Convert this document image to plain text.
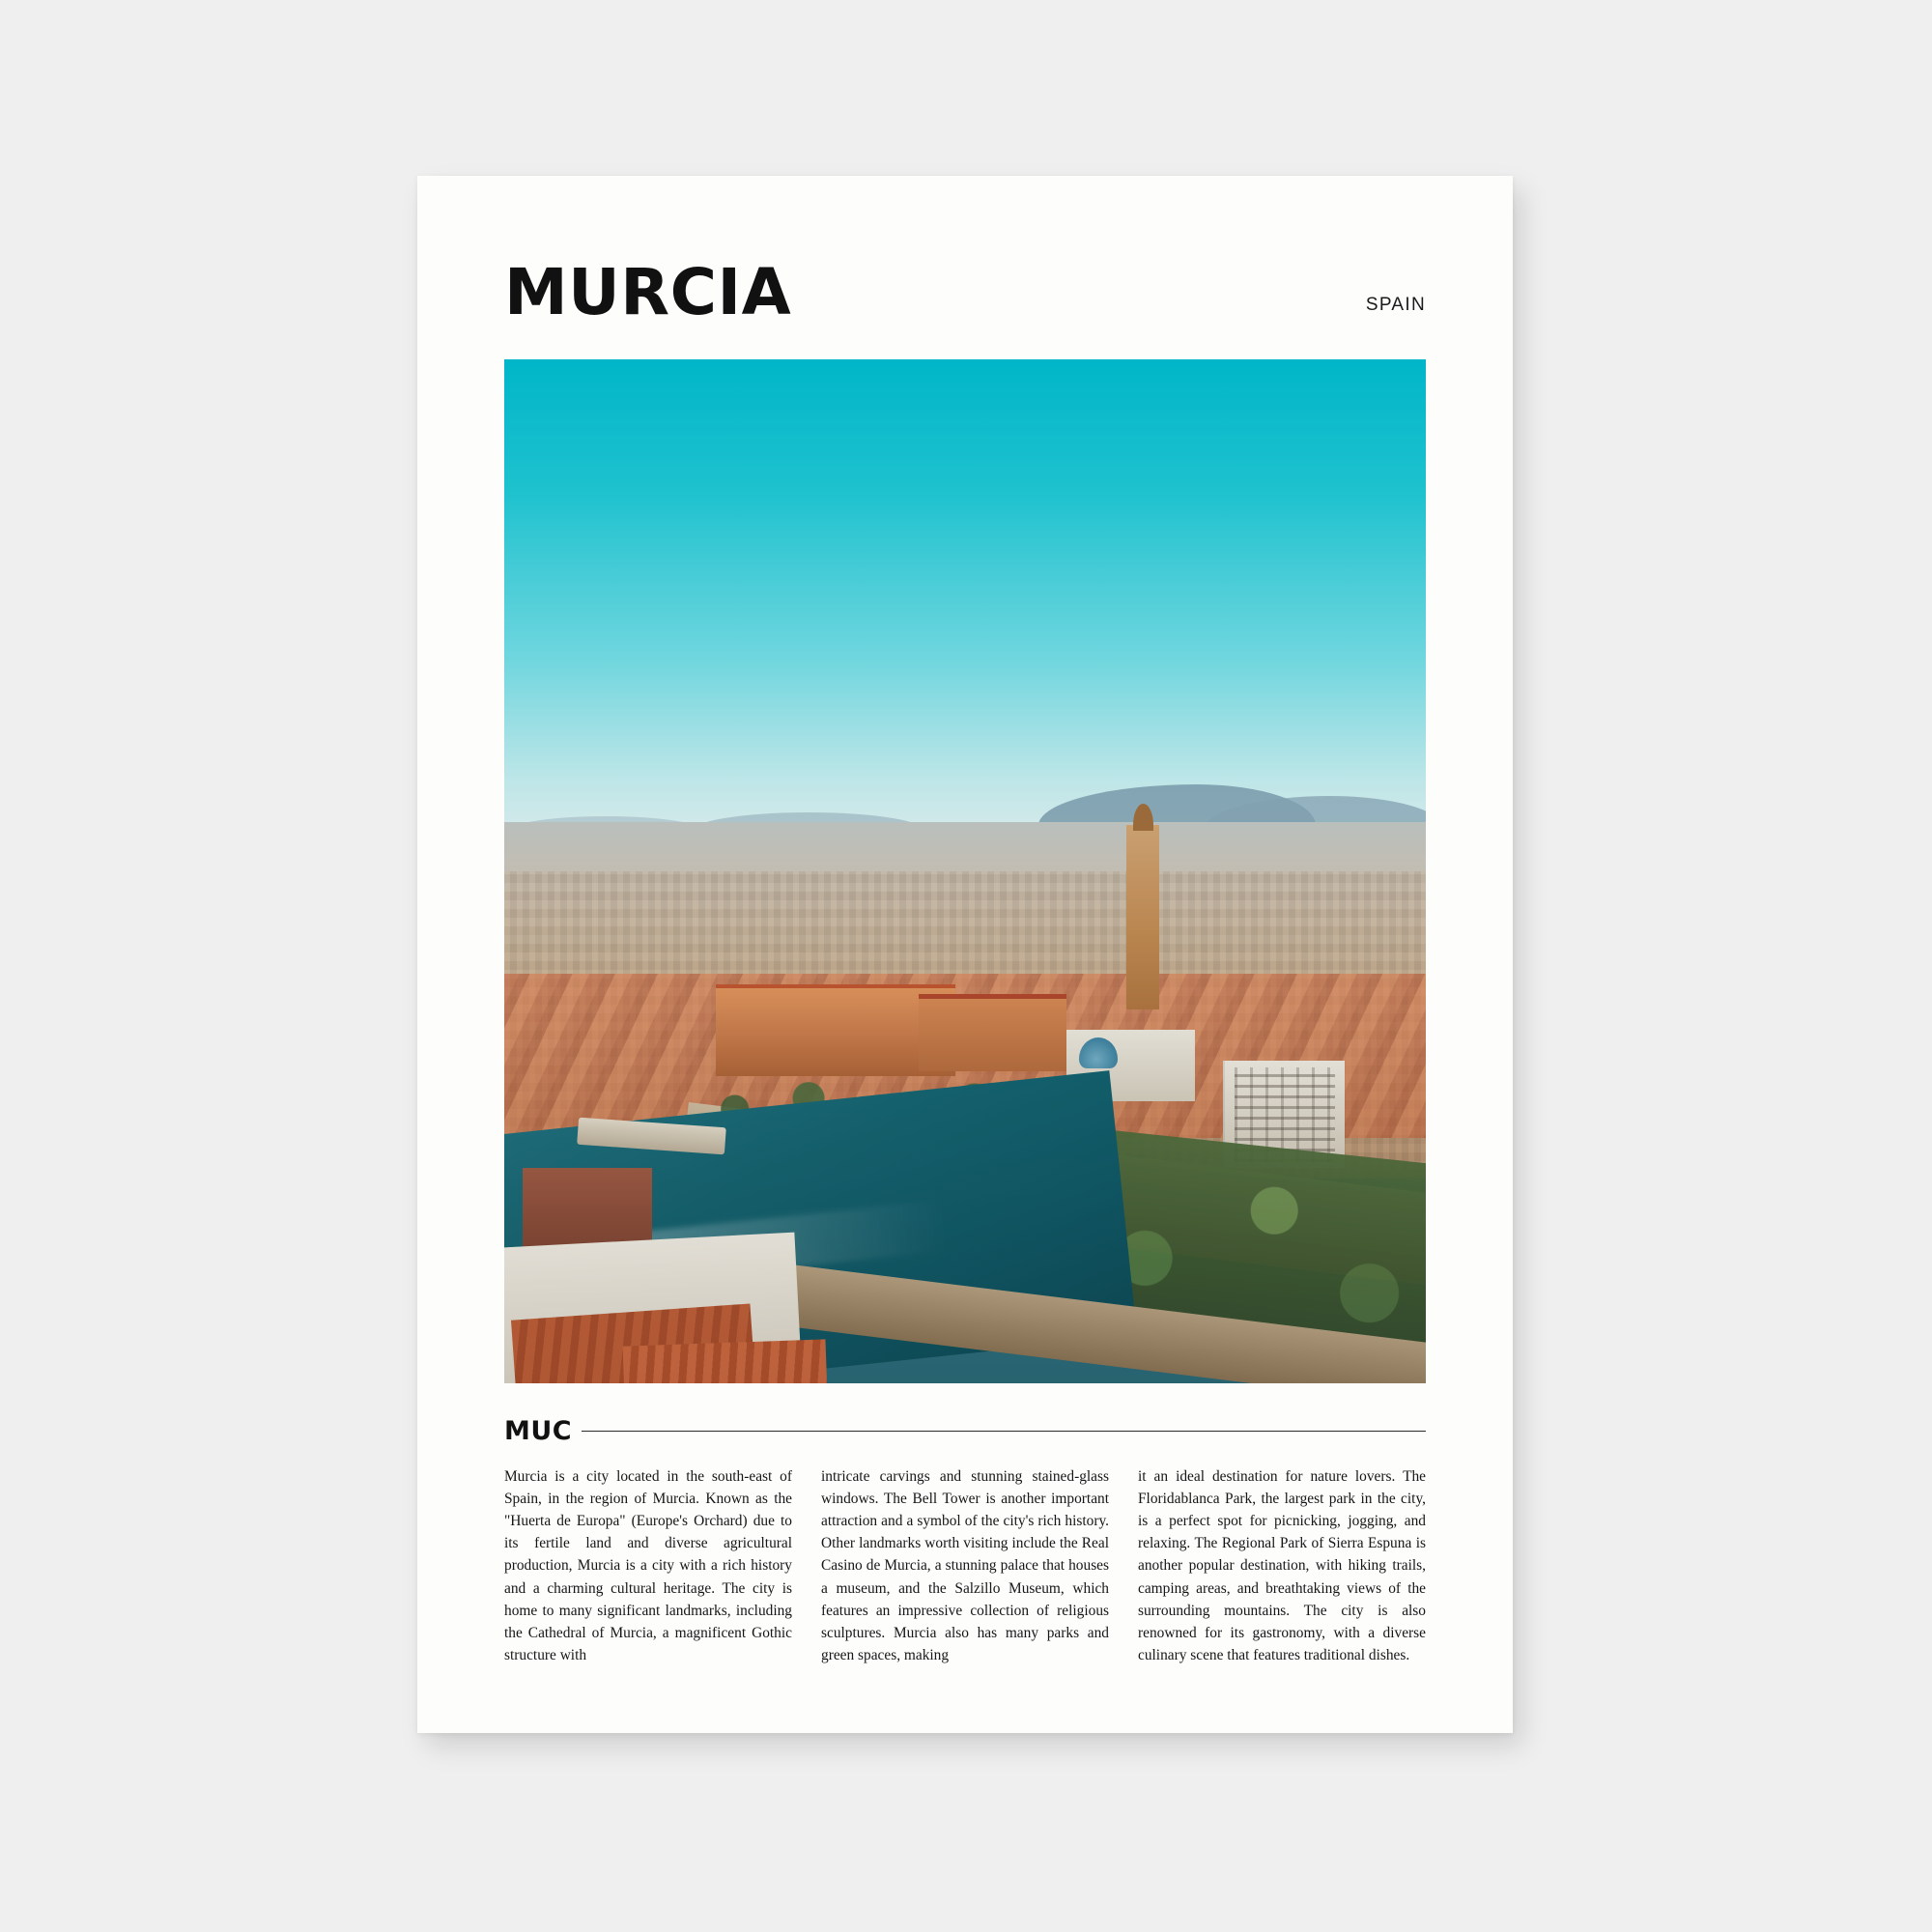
MURCIA	SPAIN
MUC
Murcia is a city located in the south-east of Spain, in the region of Murcia. Known as the "Huerta de Europa" (Europe's Orchard) due to its fertile land and diverse agricultural production, Murcia is a city with a rich history and a charming cultural heritage. The city is home to many significant landmarks, including the Cathedral of Murcia, a magnificent Gothic structure with
intricate carvings and stunning stained-glass windows. The Bell Tower is another important attraction and a symbol of the city's rich history. Other landmarks worth visiting include the Real Casino de Murcia, a stunning palace that houses a museum, and the Salzillo Museum, which features an impressive collection of religious sculptures. Murcia also has many parks and green spaces, making
it an ideal destination for nature lovers. The Floridablanca Park, the largest park in the city, is a perfect spot for picnicking, jogging, and relaxing. The Regional Park of Sierra Espuna is another popular destination, with hiking trails, camping areas, and breathtaking views of the surrounding mountains. The city is also renowned for its gastronomy, with a diverse culinary scene that features traditional dishes.
